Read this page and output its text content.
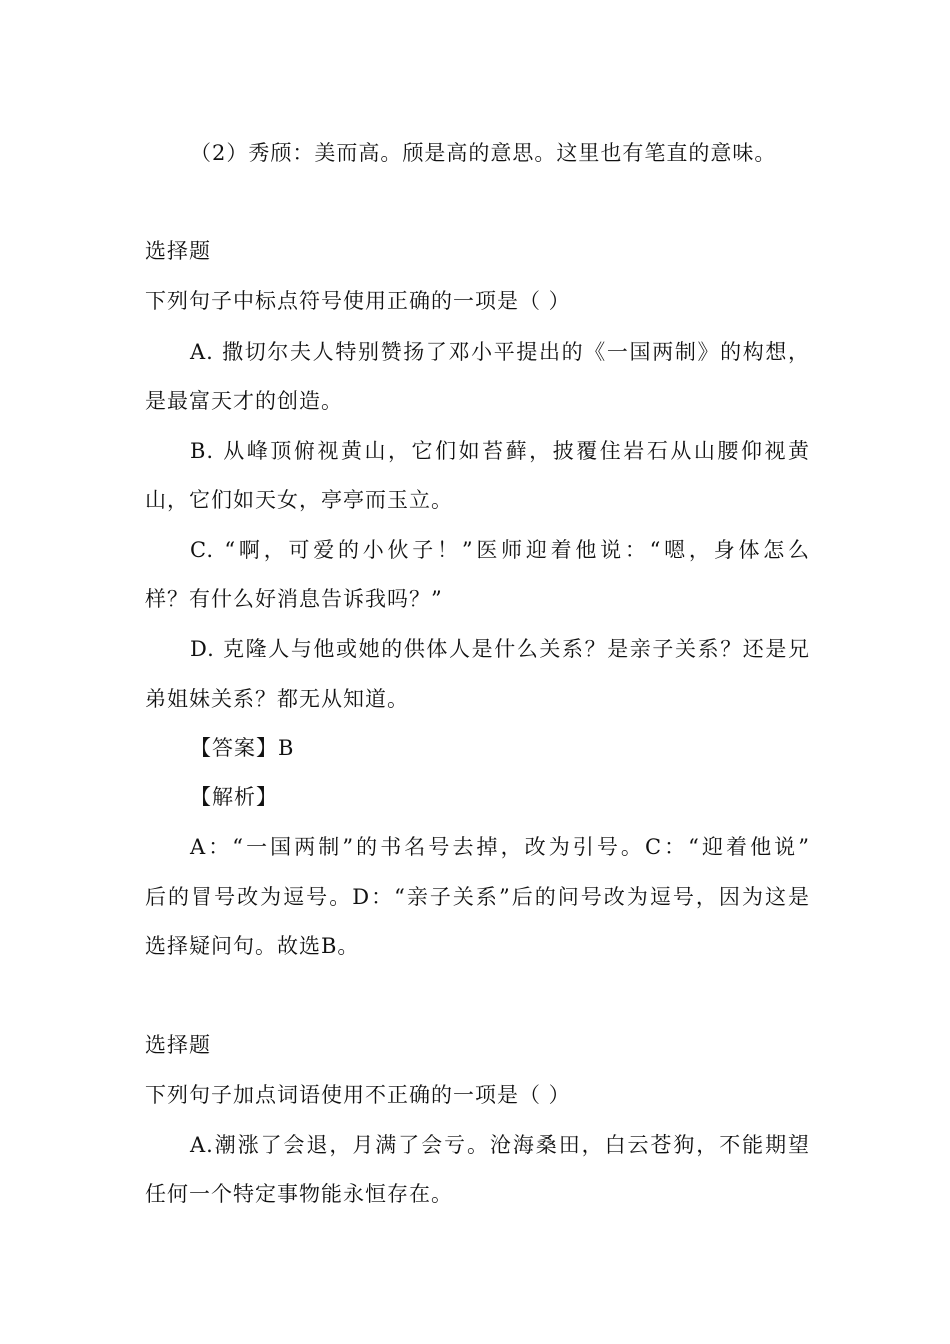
（2）秀颀：美而高。颀是高的意思。这里也有笔直的意味。
选择题
下列句子中标点符号使用正确的一项是（ ）
A. 撒切尔夫人特别赞扬了邓小平提出的《一国两制》的构想，
是最富天才的创造。
B. 从峰顶俯视黄山，它们如苔藓，披覆住岩石从山腰仰视黄
山，它们如天女，亭亭而玉立。
C. “啊，可爱的小伙子！”医师迎着他说：“嗯，身体怎么
样？有什么好消息告诉我吗？”
D. 克隆人与他或她的供体人是什么关系？是亲子关系？还是兄
弟姐妹关系？都无从知道。
【答案】B
【解析】
A：“一国两制”的书名号去掉，改为引号。C：“迎着他说”
后的冒号改为逗号。D：“亲子关系”后的问号改为逗号，因为这是
选择疑问句。故选B。
选择题
下列句子加点词语使用不正确的一项是（ ）
A.潮涨了会退，月满了会亏。沧海桑田，白云苍狗，不能期望
任何一个特定事物能永恒存在。
